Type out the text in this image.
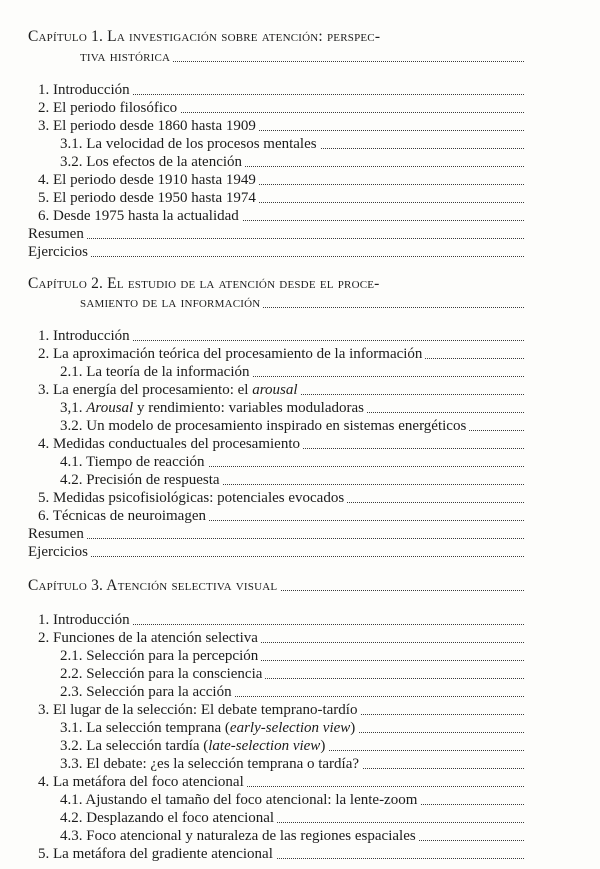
Capítulo 1. La investigación sobre atención: perspec-
tiva histórica
1. Introducción
2. El periodo filosófico
3. El periodo desde 1860 hasta 1909
3.1. La velocidad de los procesos mentales
3.2. Los efectos de la atención
4. El periodo desde 1910 hasta 1949
5. El periodo desde 1950 hasta 1974
6. Desde 1975 hasta la actualidad
Resumen
Ejercicios
Capítulo 2. El estudio de la atención desde el proce-
samiento de la información
1. Introducción
2. La aproximación teórica del procesamiento de la información
2.1. La teoría de la información
3. La energía del procesamiento: el arousal
3,1. Arousal y rendimiento: variables moduladoras
3.2. Un modelo de procesamiento inspirado en sistemas energéticos
4. Medidas conductuales del procesamiento
4.1. Tiempo de reacción
4.2. Precisión de respuesta
5. Medidas psicofisiológicas: potenciales evocados
6. Técnicas de neuroimagen
Resumen
Ejercicios
Capítulo 3. Atención selectiva visual
1. Introducción
2. Funciones de la atención selectiva
2.1. Selección para la percepción
2.2. Selección para la consciencia
2.3. Selección para la acción
3. El lugar de la selección: El debate temprano-tardío
3.1. La selección temprana (early-selection view)
3.2. La selección tardía (late-selection view)
3.3. El debate: ¿es la selección temprana o tardía?
4. La metáfora del foco atencional
4.1. Ajustando el tamaño del foco atencional: la lente-zoom
4.2. Desplazando el foco atencional
4.3. Foco atencional y naturaleza de las regiones espaciales
5. La metáfora del gradiente atencional
